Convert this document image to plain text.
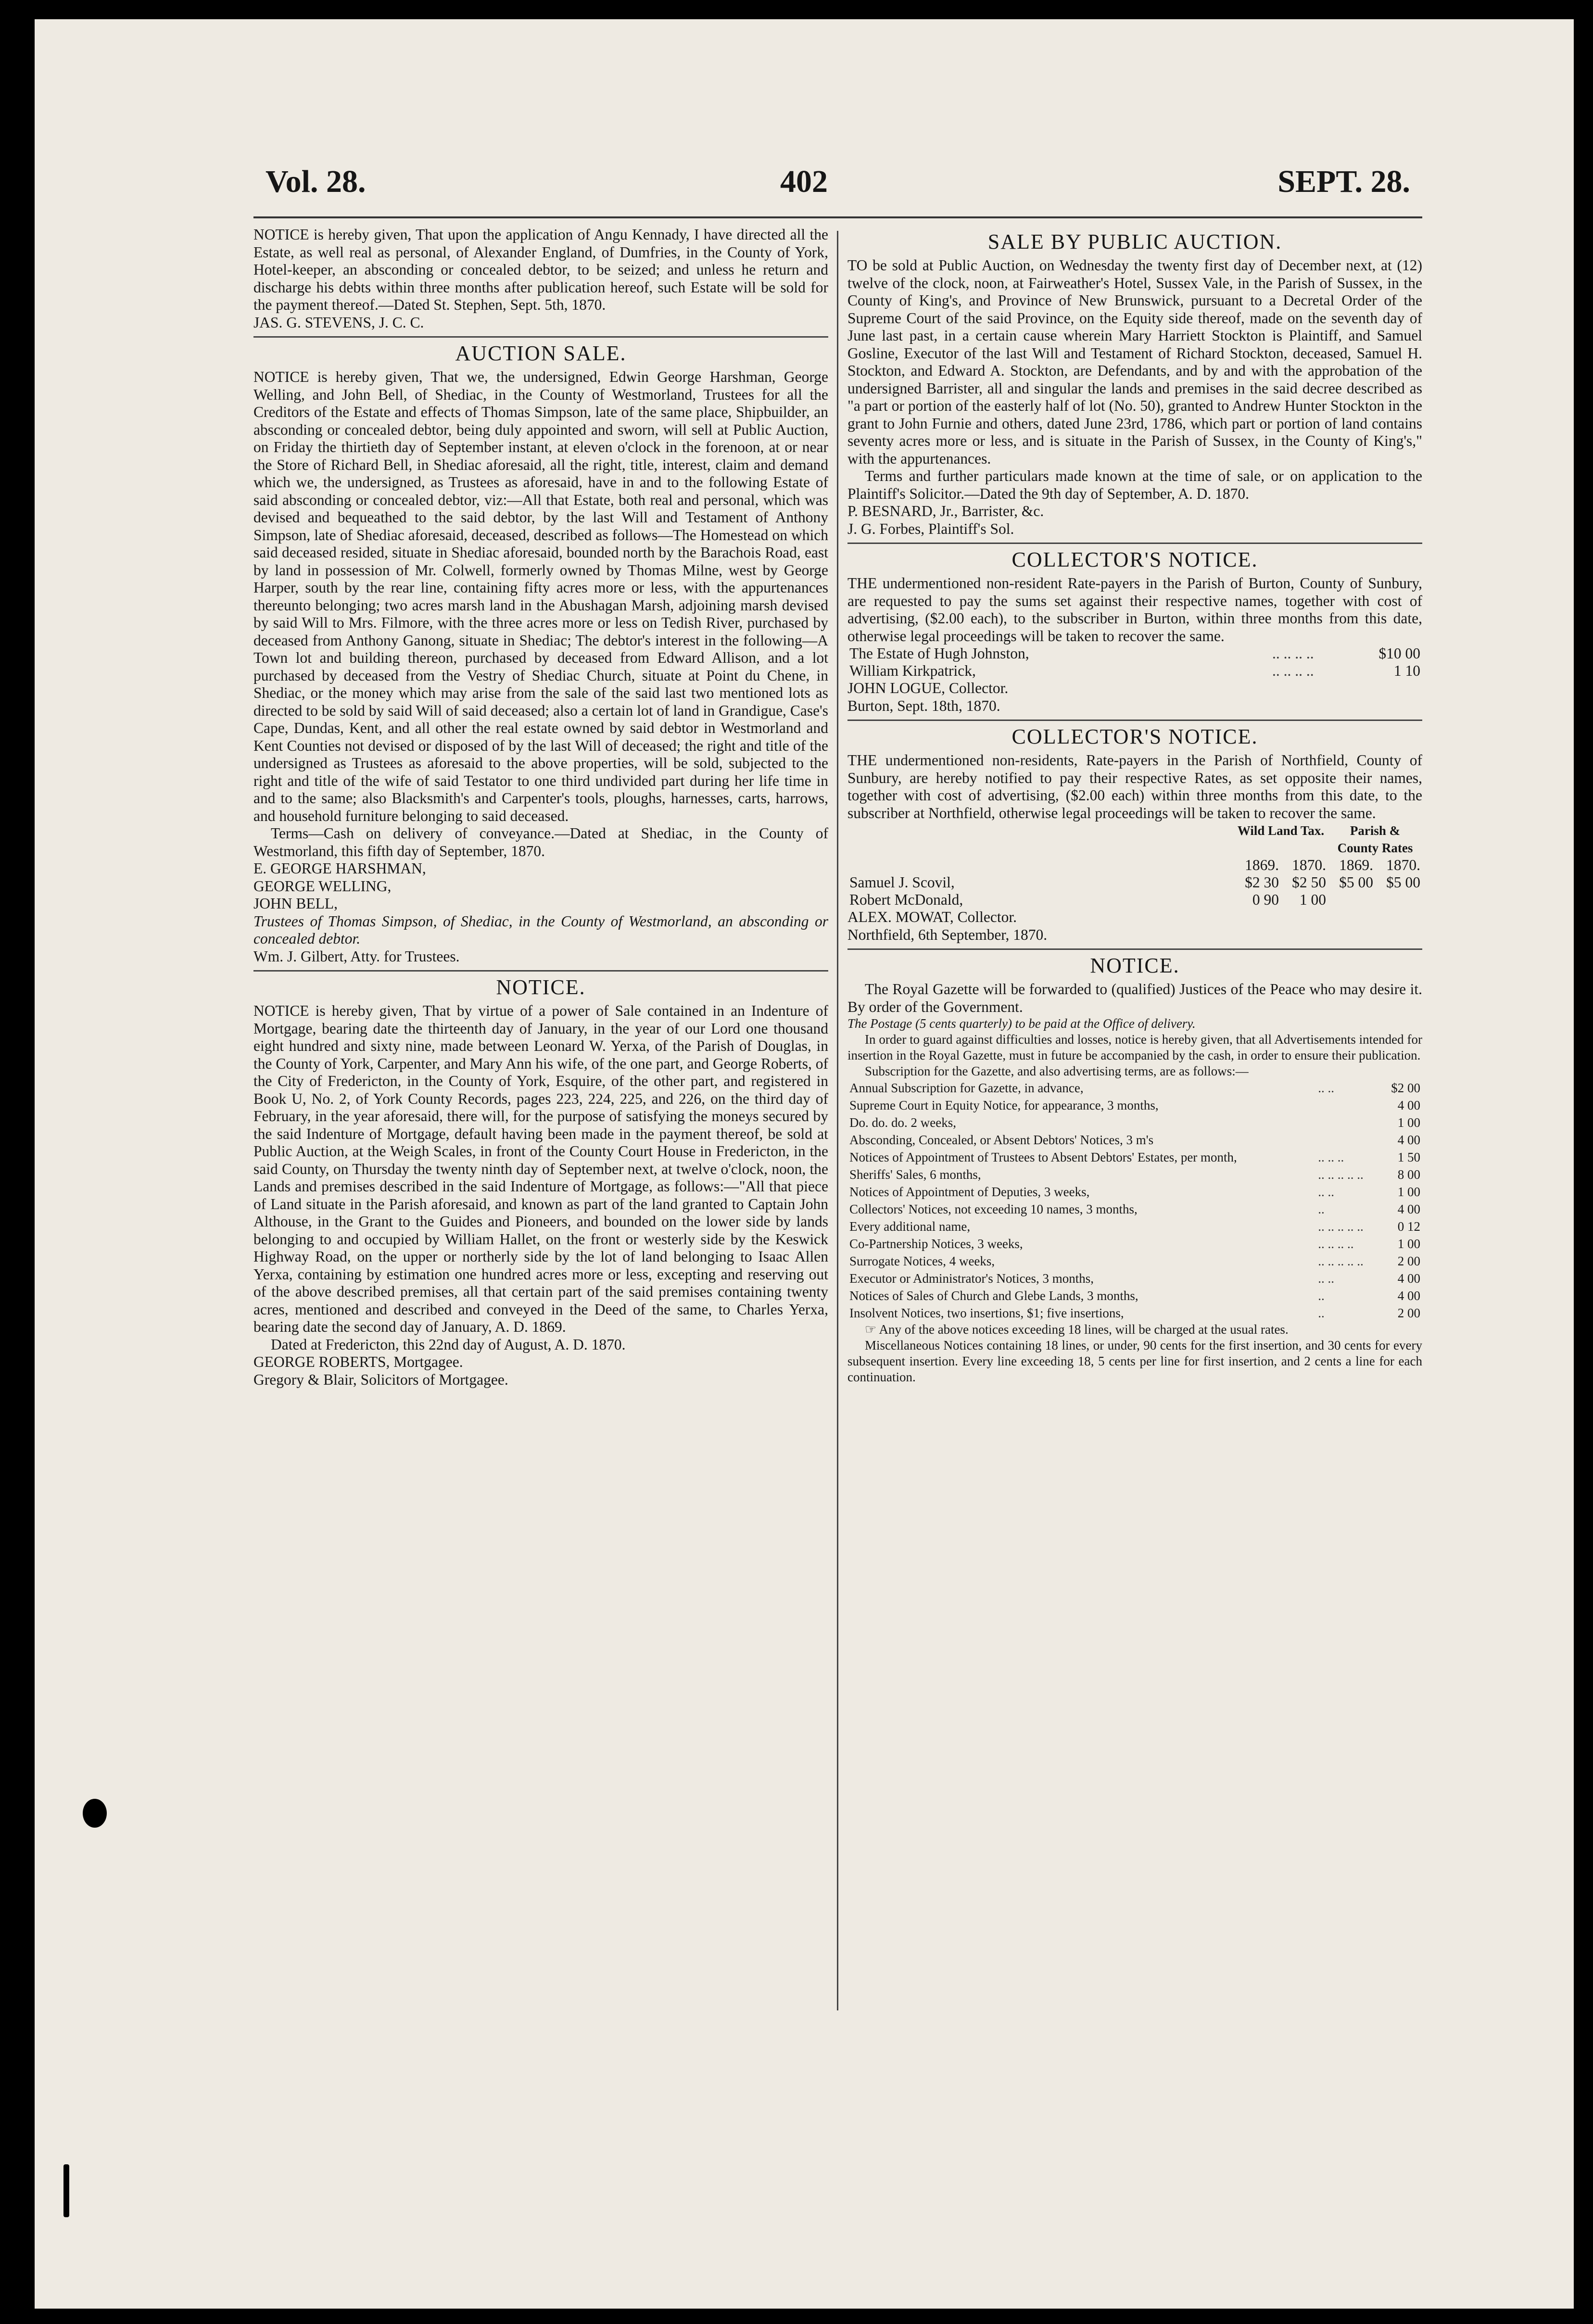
Vol. 28.	402	SEPT. 28.

NOTICE is hereby given, That upon the application of Angu Kennady, I have directed all the Estate, as well real as personal, of Alexander England, of Dumfries, in the County of York, Hotel-keeper, an absconding or concealed debtor, to be seized; and unless he return and discharge his debts within three months after publication hereof, such Estate will be sold for the payment thereof.—Dated St. Stephen, Sept. 5th, 1870.

JAS. G. STEVENS, J. C. C.

AUCTION SALE.

NOTICE is hereby given, That we, the undersigned, Edwin George Harshman, George Welling, and John Bell, of Shediac, in the County of Westmorland, Trustees for all the Creditors of the Estate and effects of Thomas Simpson, late of the same place, Shipbuilder, an absconding or concealed debtor, being duly appointed and sworn, will sell at Public Auction, on Friday the thirtieth day of September instant, at eleven o'clock in the forenoon, at or near the Store of Richard Bell, in Shediac aforesaid, all the right, title, interest, claim and demand which we, the undersigned, as Trustees as aforesaid, have in and to the following Estate of said absconding or concealed debtor, viz:—All that Estate, both real and personal, which was devised and bequeathed to the said debtor, by the last Will and Testament of Anthony Simpson, late of Shediac aforesaid, deceased, described as follows—The Homestead on which said deceased resided, situate in Shediac aforesaid, bounded north by the Barachois Road, east by land in possession of Mr. Colwell, formerly owned by Thomas Milne, west by George Harper, south by the rear line, containing fifty acres more or less, with the appurtenances thereunto belonging; two acres marsh land in the Abushagan Marsh, adjoining marsh devised by said Will to Mrs. Filmore, with the three acres more or less on Tedish River, purchased by deceased from Anthony Ganong, situate in Shediac; The debtor's interest in the following—A Town lot and building thereon, purchased by deceased from Edward Allison, and a lot purchased by deceased from the Vestry of Shediac Church, situate at Point du Chene, in Shediac, or the money which may arise from the sale of the said last two mentioned lots as directed to be sold by said Will of said deceased; also a certain lot of land in Grandigue, Case's Cape, Dundas, Kent, and all other the real estate owned by said debtor in Westmorland and Kent Counties not devised or disposed of by the last Will of deceased; the right and title of the undersigned as Trustees as aforesaid to the above properties, will be sold, subjected to the right and title of the wife of said Testator to one third undivided part during her life time in and to the same; also Blacksmith's and Carpenter's tools, ploughs, harnesses, carts, harrows, and household furniture belonging to said deceased.

Terms—Cash on delivery of conveyance.—Dated at Shediac, in the County of Westmorland, this fifth day of September, 1870.

E. GEORGE HARSHMAN,

GEORGE WELLING,

JOHN BELL,

Trustees of Thomas Simpson, of Shediac, in the County of Westmorland, an absconding or concealed debtor.

Wm. J. Gilbert, Atty. for Trustees.

NOTICE.

NOTICE is hereby given, That by virtue of a power of Sale contained in an Indenture of Mortgage, bearing date the thirteenth day of January, in the year of our Lord one thousand eight hundred and sixty nine, made between Leonard W. Yerxa, of the Parish of Douglas, in the County of York, Carpenter, and Mary Ann his wife, of the one part, and George Roberts, of the City of Fredericton, in the County of York, Esquire, of the other part, and registered in Book U, No. 2, of York County Records, pages 223, 224, 225, and 226, on the third day of February, in the year aforesaid, there will, for the purpose of satisfying the moneys secured by the said Indenture of Mortgage, default having been made in the payment thereof, be sold at Public Auction, at the Weigh Scales, in front of the County Court House in Fredericton, in the said County, on Thursday the twenty ninth day of September next, at twelve o'clock, noon, the Lands and premises described in the said Indenture of Mortgage, as follows:—"All that piece of Land situate in the Parish aforesaid, and known as part of the land granted to Captain John Althouse, in the Grant to the Guides and Pioneers, and bounded on the lower side by lands belonging to and occupied by William Hallet, on the front or westerly side by the Keswick Highway Road, on the upper or northerly side by the lot of land belonging to Isaac Allen Yerxa, containing by estimation one hundred acres more or less, excepting and reserving out of the above described premises, all that certain part of the said premises containing twenty acres, mentioned and described and conveyed in the Deed of the same, to Charles Yerxa, bearing date the second day of January, A. D. 1869.

Dated at Fredericton, this 22nd day of August, A. D. 1870.

GEORGE ROBERTS, Mortgagee.

Gregory & Blair, Solicitors of Mortgagee.

SALE BY PUBLIC AUCTION.

TO be sold at Public Auction, on Wednesday the twenty first day of December next, at (12) twelve of the clock, noon, at Fairweather's Hotel, Sussex Vale, in the Parish of Sussex, in the County of King's, and Province of New Brunswick, pursuant to a Decretal Order of the Supreme Court of the said Province, on the Equity side thereof, made on the seventh day of June last past, in a certain cause wherein Mary Harriett Stockton is Plaintiff, and Samuel Gosline, Executor of the last Will and Testament of Richard Stockton, deceased, Samuel H. Stockton, and Edward A. Stockton, are Defendants, and by and with the approbation of the undersigned Barrister, all and singular the lands and premises in the said decree described as "a part or portion of the easterly half of lot (No. 50), granted to Andrew Hunter Stockton in the grant to John Furnie and others, dated June 23rd, 1786, which part or portion of land contains seventy acres more or less, and is situate in the Parish of Sussex, in the County of King's," with the appurtenances.

Terms and further particulars made known at the time of sale, or on application to the Plaintiff's Solicitor.—Dated the 9th day of September, A. D. 1870.

P. BESNARD, Jr., Barrister, &c.

J. G. Forbes, Plaintiff's Sol.

COLLECTOR'S NOTICE.

THE undermentioned non-resident Rate-payers in the Parish of Burton, County of Sunbury, are requested to pay the sums set against their respective names, together with cost of advertising, ($2.00 each), to the subscriber in Burton, within three months from this date, otherwise legal proceedings will be taken to recover the same.

The Estate of Hugh Johnston,	.. .. .. ..	$10 00
William Kirkpatrick,	.. .. .. ..	1 10

JOHN LOGUE, Collector.

Burton, Sept. 18th, 1870.

COLLECTOR'S NOTICE.

THE undermentioned non-residents, Rate-payers in the Parish of Northfield, County of Sunbury, are hereby notified to pay their respective Rates, as set opposite their names, together with cost of advertising, ($2.00 each) within three months from this date, to the subscriber at Northfield, otherwise legal proceedings will be taken to recover the same.

	Wild Land Tax.		Parish & County Rates	
	1869.	1870.	1869.	1870.
Samuel J. Scovil,	$2 30	$2 50	$5 00	$5 00
Robert McDonald,	0 90	1 00		

ALEX. MOWAT, Collector.

Northfield, 6th September, 1870.

NOTICE.

The Royal Gazette will be forwarded to (qualified) Justices of the Peace who may desire it. By order of the Government.

The Postage (5 cents quarterly) to be paid at the Office of delivery.

In order to guard against difficulties and losses, notice is hereby given, that all Advertisements intended for insertion in the Royal Gazette, must in future be accompanied by the cash, in order to ensure their publication.

Subscription for the Gazette, and also advertising terms, are as follows:—

Annual Subscription for Gazette, in advance,	.. ..	$2 00
Supreme Court in Equity Notice, for appearance, 3 months,		4 00
Do. do. do. 2 weeks,		1 00
Absconding, Concealed, or Absent Debtors' Notices, 3 m's		4 00
Notices of Appointment of Trustees to Absent Debtors' Estates, per month,	.. .. ..	1 50
Sheriffs' Sales, 6 months,	.. .. .. .. ..	8 00
Notices of Appointment of Deputies, 3 weeks,	.. ..	1 00
Collectors' Notices, not exceeding 10 names, 3 months,	..	4 00
Every additional name,	.. .. .. .. ..	0 12
Co-Partnership Notices, 3 weeks,	.. .. .. ..	1 00
Surrogate Notices, 4 weeks,	.. .. .. .. ..	2 00
Executor or Administrator's Notices, 3 months,	.. ..	4 00
Notices of Sales of Church and Glebe Lands, 3 months,	..	4 00
Insolvent Notices, two insertions, $1; five insertions,	..	2 00

☞ Any of the above notices exceeding 18 lines, will be charged at the usual rates.

Miscellaneous Notices containing 18 lines, or under, 90 cents for the first insertion, and 30 cents for every subsequent insertion. Every line exceeding 18, 5 cents per line for first insertion, and 2 cents a line for each continuation.
